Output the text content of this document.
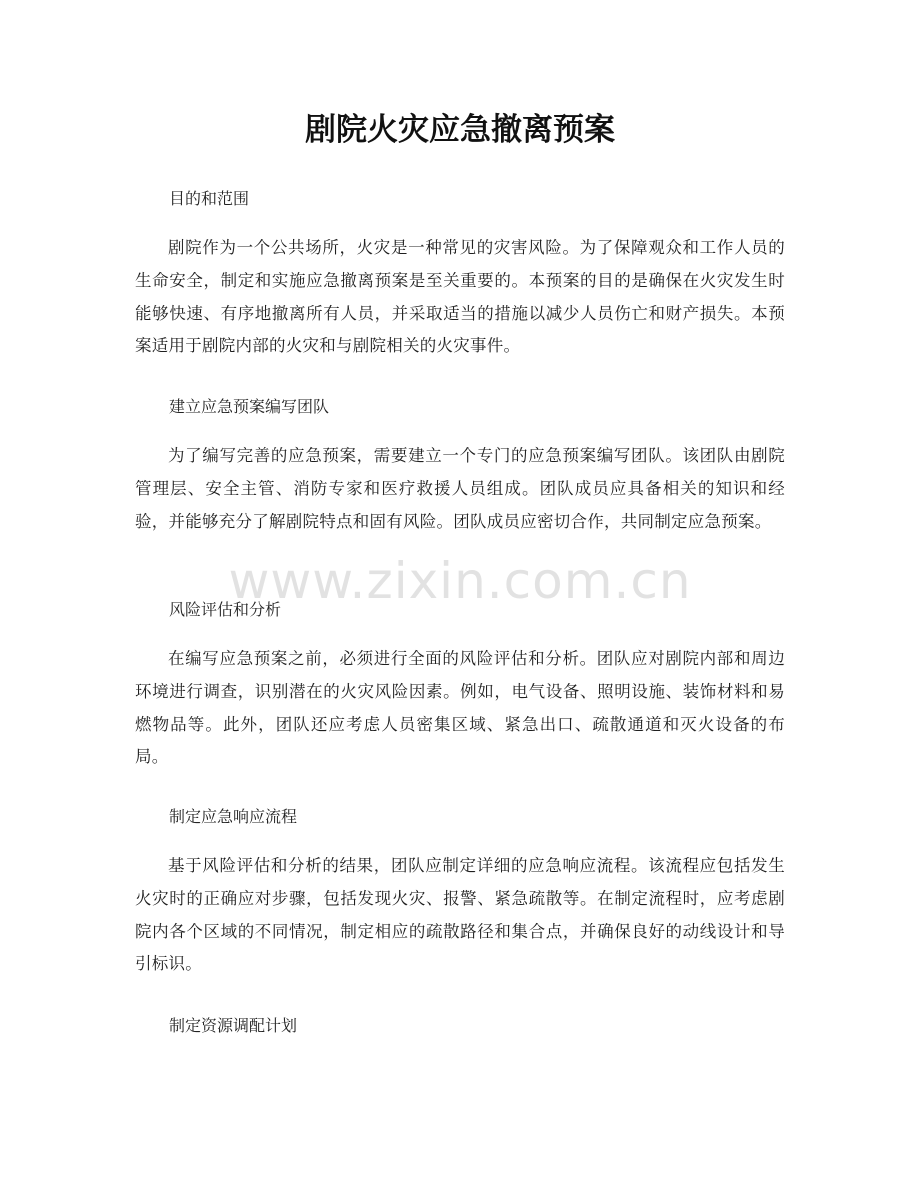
剧院火灾应急撤离预案

目的和范围

剧院作为一个公共场所，火灾是一种常见的灾害风险。为了保障观众和工作人员的生命安全，制定和实施应急撤离预案是至关重要的。本预案的目的是确保在火灾发生时能够快速、有序地撤离所有人员，并采取适当的措施以减少人员伤亡和财产损失。本预案适用于剧院内部的火灾和与剧院相关的火灾事件。

建立应急预案编写团队

为了编写完善的应急预案，需要建立一个专门的应急预案编写团队。该团队由剧院管理层、安全主管、消防专家和医疗救援人员组成。团队成员应具备相关的知识和经验，并能够充分了解剧院特点和固有风险。团队成员应密切合作，共同制定应急预案。

风险评估和分析

在编写应急预案之前，必须进行全面的风险评估和分析。团队应对剧院内部和周边环境进行调查，识别潜在的火灾风险因素。例如，电气设备、照明设施、装饰材料和易燃物品等。此外，团队还应考虑人员密集区域、紧急出口、疏散通道和灭火设备的布局。

制定应急响应流程

基于风险评估和分析的结果，团队应制定详细的应急响应流程。该流程应包括发生火灾时的正确应对步骤，包括发现火灾、报警、紧急疏散等。在制定流程时，应考虑剧院内各个区域的不同情况，制定相应的疏散路径和集合点，并确保良好的动线设计和导引标识。

制定资源调配计划

www.zixin.com.cn
